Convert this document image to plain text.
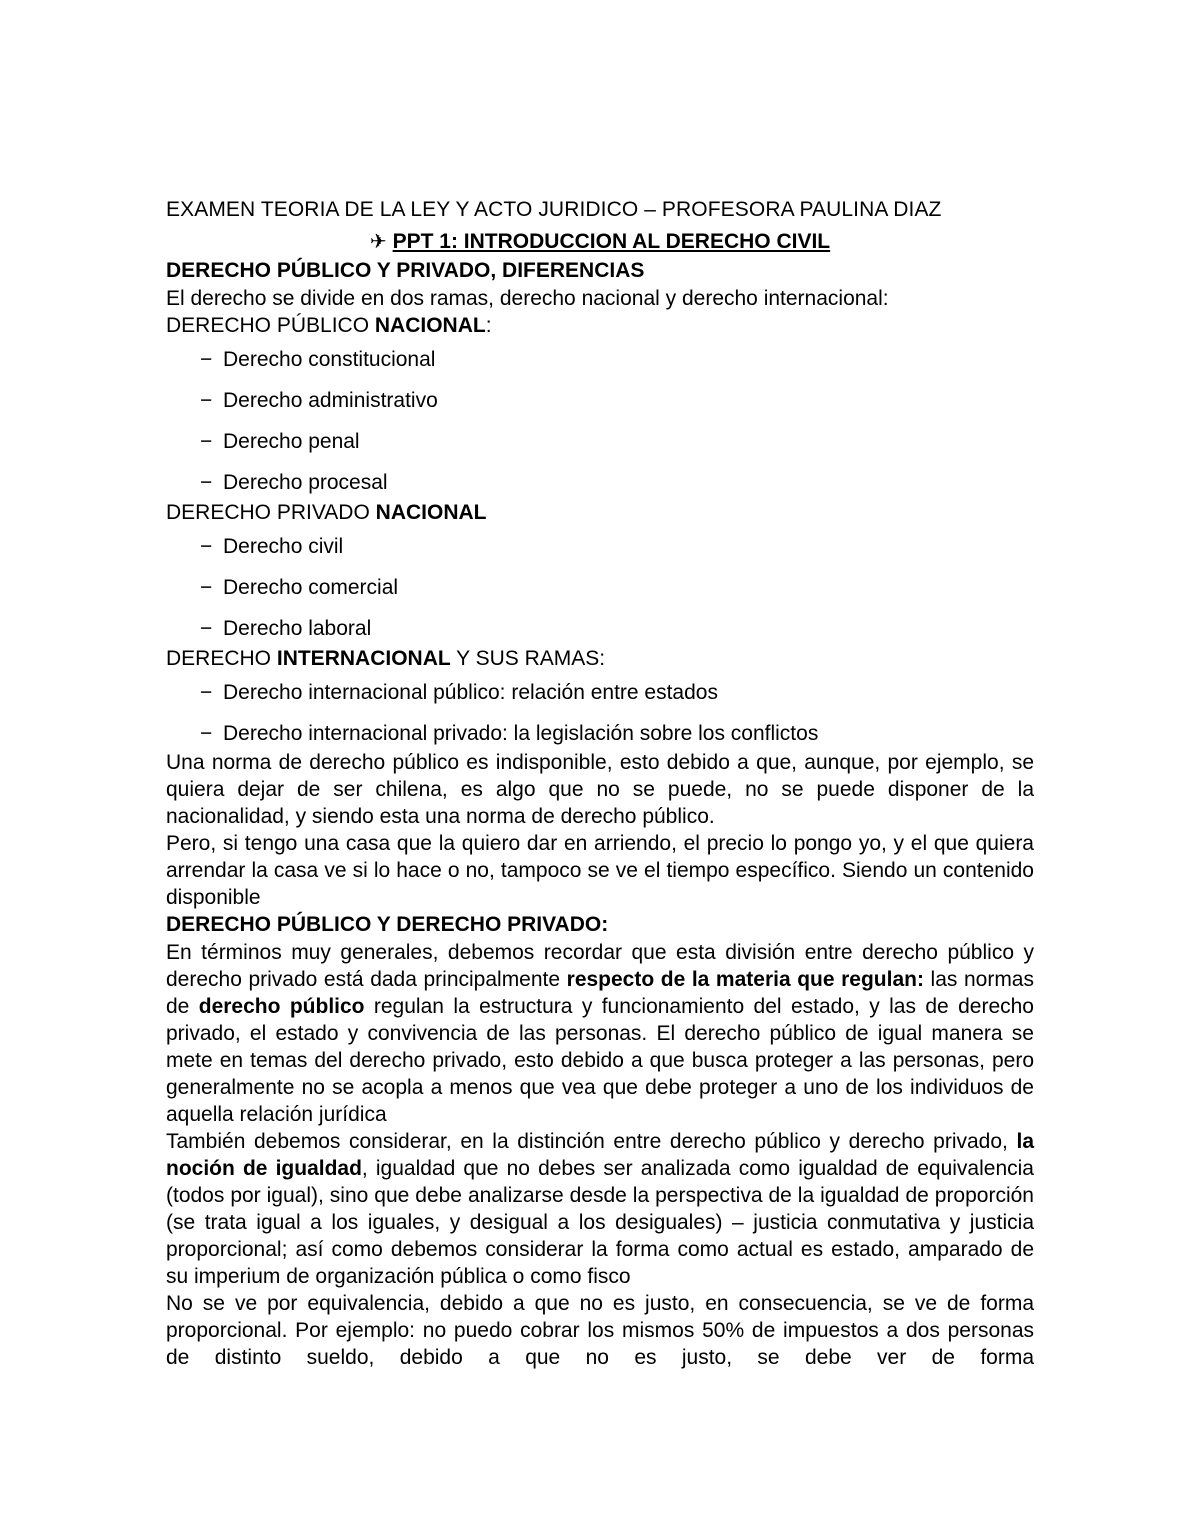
EXAMEN TEORIA DE LA LEY Y ACTO JURIDICO – PROFESORA PAULINA DIAZ

✈ PPT 1: INTRODUCCION AL DERECHO CIVIL

DERECHO PÚBLICO Y PRIVADO, DIFERENCIAS

El derecho se divide en dos ramas, derecho nacional y derecho internacional:

DERECHO PÚBLICO NACIONAL:

− Derecho constitucional
− Derecho administrativo
− Derecho penal
− Derecho procesal

DERECHO PRIVADO NACIONAL

− Derecho civil
− Derecho comercial
− Derecho laboral

DERECHO INTERNACIONAL Y SUS RAMAS:

− Derecho internacional público: relación entre estados
− Derecho internacional privado: la legislación sobre los conflictos

Una norma de derecho público es indisponible, esto debido a que, aunque, por ejemplo, se quiera dejar de ser chilena, es algo que no se puede, no se puede disponer de la nacionalidad, y siendo esta una norma de derecho público.

Pero, si tengo una casa que la quiero dar en arriendo, el precio lo pongo yo, y el que quiera arrendar la casa ve si lo hace o no, tampoco se ve el tiempo específico. Siendo un contenido disponible

DERECHO PÚBLICO Y DERECHO PRIVADO:

En términos muy generales, debemos recordar que esta división entre derecho público y derecho privado está dada principalmente respecto de la materia que regulan: las normas de derecho público regulan la estructura y funcionamiento del estado, y las de derecho privado, el estado y convivencia de las personas. El derecho público de igual manera se mete en temas del derecho privado, esto debido a que busca proteger a las personas, pero generalmente no se acopla a menos que vea que debe proteger a uno de los individuos de aquella relación jurídica

También debemos considerar, en la distinción entre derecho público y derecho privado, la noción de igualdad, igualdad que no debes ser analizada como igualdad de equivalencia (todos por igual), sino que debe analizarse desde la perspectiva de la igualdad de proporción (se trata igual a los iguales, y desigual a los desiguales) – justicia conmutativa y justicia proporcional; así como debemos considerar la forma como actual es estado, amparado de su imperium de organización pública o como fisco

No se ve por equivalencia, debido a que no es justo, en consecuencia, se ve de forma proporcional. Por ejemplo: no puedo cobrar los mismos 50% de impuestos a dos personas de distinto sueldo, debido a que no es justo, se debe ver de forma
